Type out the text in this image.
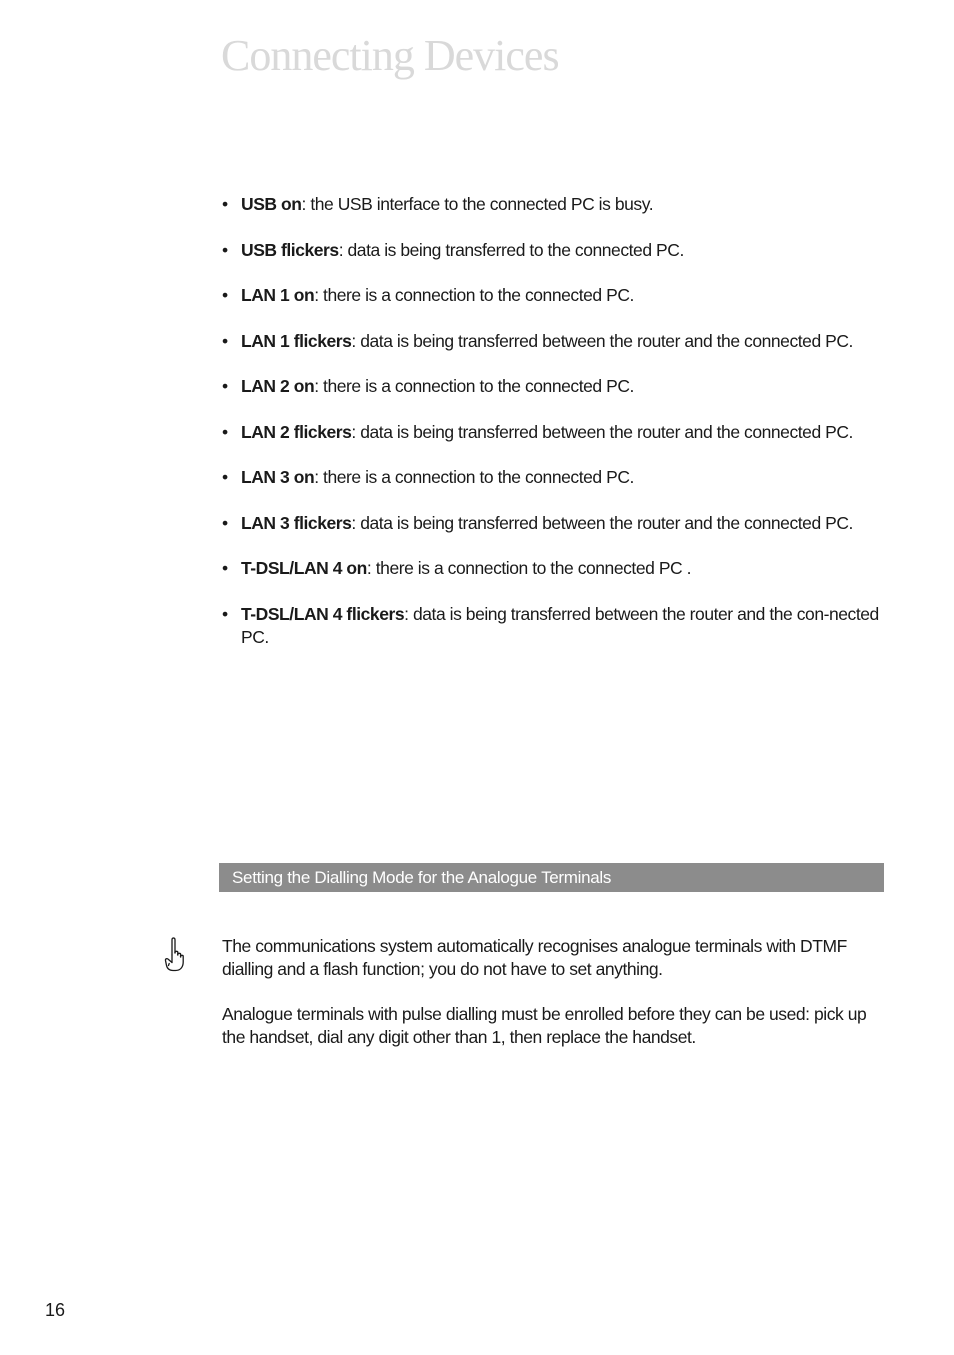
Connecting Devices
• USB on: the USB interface to the connected PC is busy.
• USB flickers: data is being transferred to the connected PC.
• LAN 1 on: there is a connection to the connected PC.
• LAN 1 flickers: data is being transferred between the router and the connected PC.
• LAN 2 on: there is a connection to the connected PC.
• LAN 2 flickers: data is being transferred between the router and the connected PC.
• LAN 3 on: there is a connection to the connected PC.
• LAN 3 flickers: data is being transferred between the router and the connected PC.
• T-DSL/LAN 4 on: there is a connection to the connected PC .
• T-DSL/LAN 4 flickers: data is being transferred between the router and the con-nected PC.
Setting the Dialling Mode for the Analogue Terminals

The communications system automatically recognises analogue terminals with DTMF dialling and a flash function; you do not have to set anything.

Analogue terminals with pulse dialling must be enrolled before they can be used: pick up the handset, dial any digit other than 1, then replace the handset.

16
